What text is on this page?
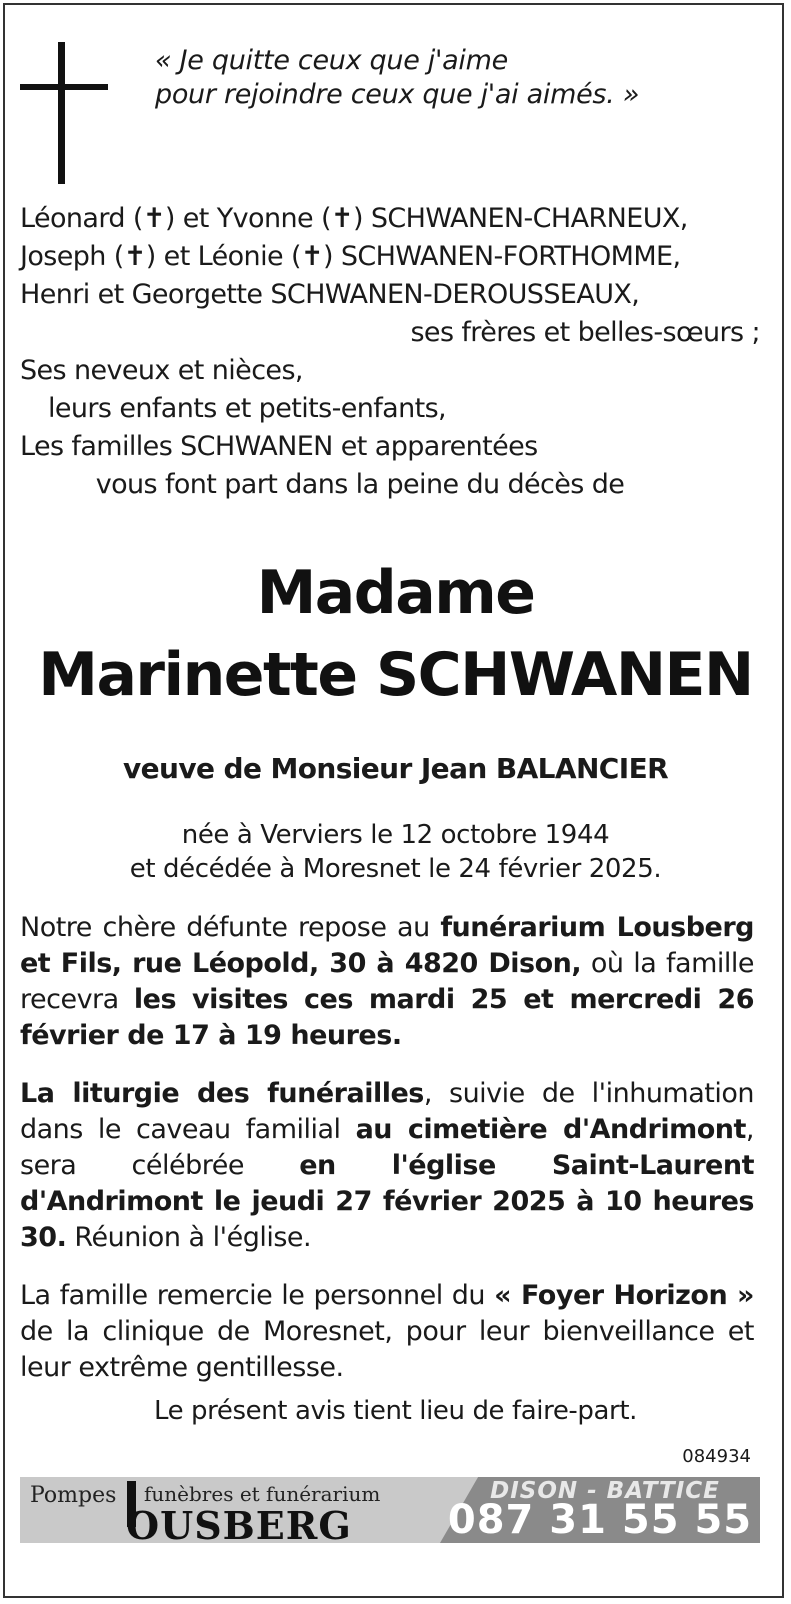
« Je quitte ceux que j'aime
pour rejoindre ceux que j'ai aimés. »
Léonard (✝) et Yvonne (✝) SCHWANEN-CHARNEUX,
Joseph (✝) et Léonie (✝) SCHWANEN-FORTHOMME,
Henri et Georgette SCHWANEN-DEROUSSEAUX,
ses frères et belles-sœurs ;
Ses neveux et nièces,
leurs enfants et petits-enfants,
Les familles SCHWANEN et apparentées
vous font part dans la peine du décès de
Madame
Marinette SCHWANEN
veuve de Monsieur Jean BALANCIER
née à Verviers le 12 octobre 1944
et décédée à Moresnet le 24 février 2025.
Notre chère défunte repose au funérarium Lousberg et Fils, rue Léopold, 30 à 4820 Dison, où la famille recevra les visites ces mardi 25 et mercredi 26 février de 17 à 19 heures.
La liturgie des funérailles, suivie de l'inhumation dans le caveau familial au cimetière d'Andrimont, sera célébrée en l'église Saint-Laurent d'Andrimont le jeudi 27 février 2025 à 10 heures 30. Réunion à l'église.
La famille remercie le personnel du « Foyer Horizon » de la clinique de Moresnet, pour leur bienveillance et leur extrême gentillesse.
Le présent avis tient lieu de faire-part.
084934
Pompes funèbres et funérarium
OUSBERG
DISON - BATTICE
087 31 55 55
